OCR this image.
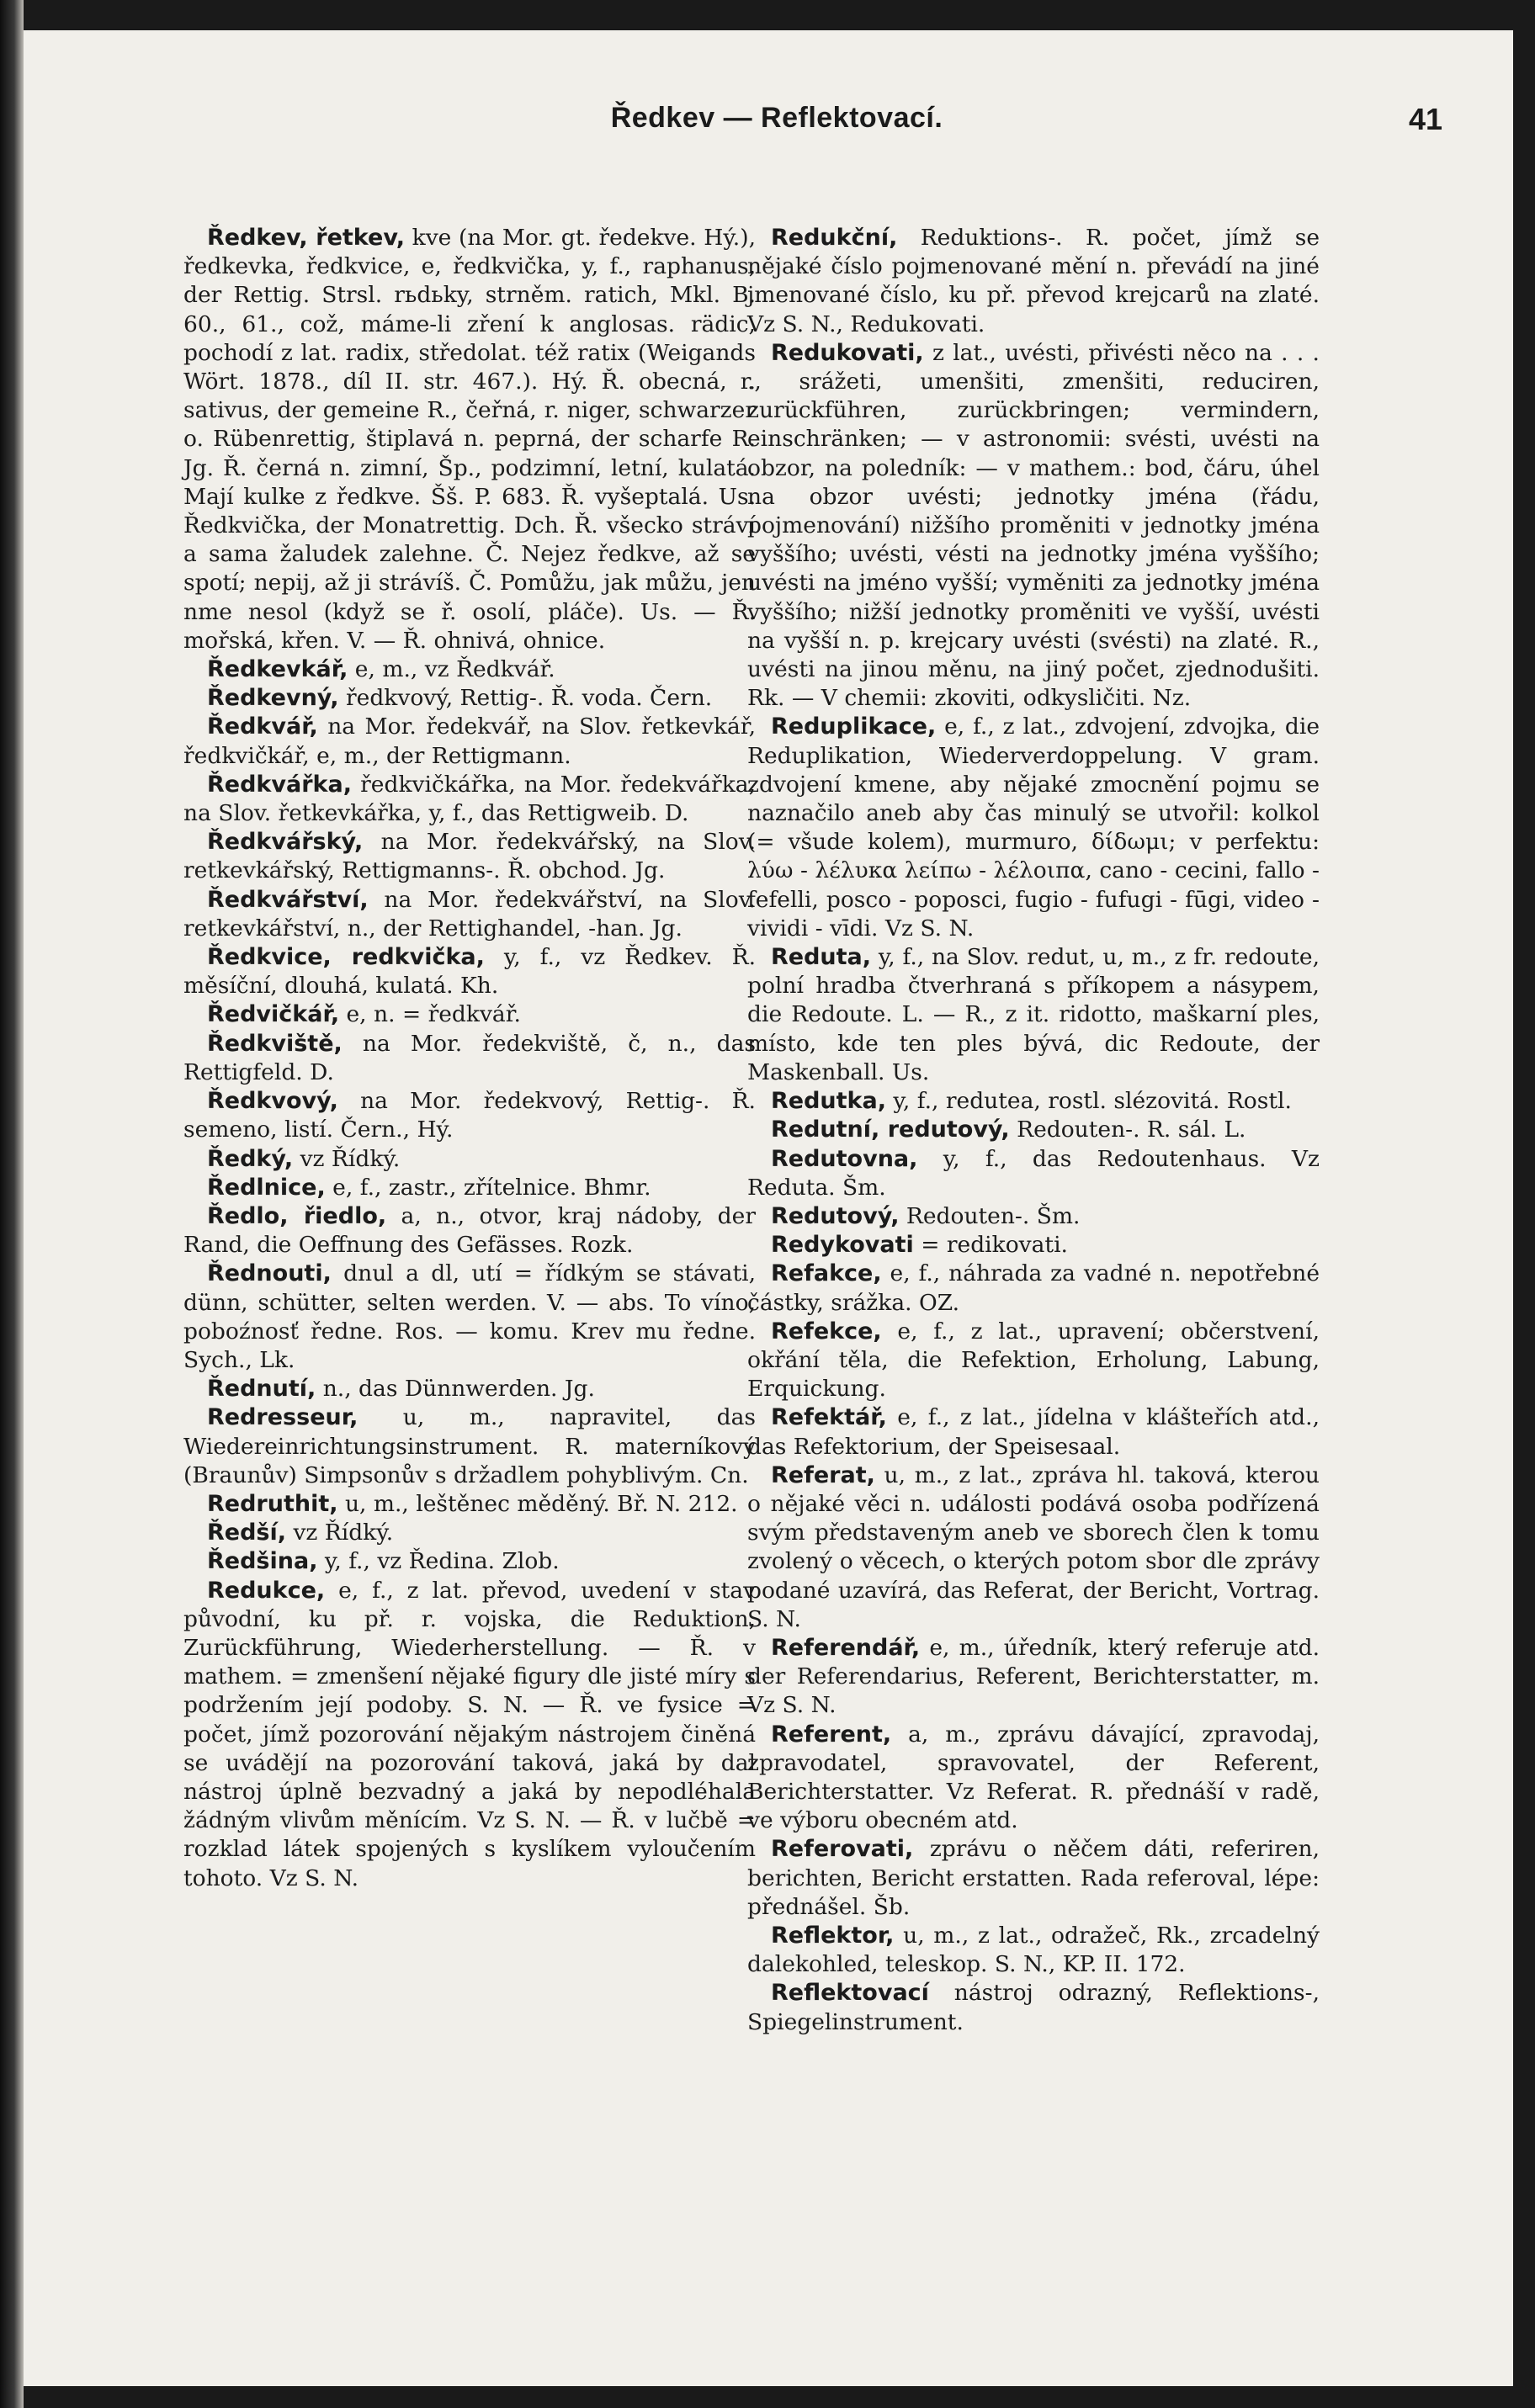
Ředkev — Reflektovací.	41

Ředkev, řetkev, kve (na Mor. gt. ředekve. Hý.), ředkevka, ředkvice, e, ředkvička, y, f., raphanus, der Rettig. Strsl. rьdьky, strněm. ratich, Mkl. B. 60., 61., což, máme-li zření k anglosas. rädic, pochodí z lat. radix, středolat. též ratix (Weigands Wört. 1878., díl II. str. 467.). Hý. Ř. obecná, r. sativus, der gemeine R., čeřná, r. niger, schwarzer o. Rübenrettig, štiplavá n. peprná, der scharfe R. Jg. Ř. černá n. zimní, Šp., podzimní, letní, kulatá. Mají kulke z ředkve. Šš. P. 683. Ř. vyšeptalá. Us. Ředkvička, der Monatrettig. Dch. Ř. všecko stráví a sama žaludek zalehne. Č. Nejez ředkve, až se spotí; nepij, až ji strávíš. Č. Pomůžu, jak můžu, jen nme nesol (když se ř. osolí, pláče). Us. — Ř. mořská, křen. V. — Ř. ohnivá, ohnice.

Ředkevkář, e, m., vz Ředkvář.

Ředkevný, ředkvový, Rettig-. Ř. voda. Čern.

Ředkvář, na Mor. ředekvář, na Slov. řetkevkář, ředkvičkář, e, m., der Rettigmann.

Ředkvářka, ředkvičkářka, na Mor. ředekvářka, na Slov. řetkevkářka, y, f., das Rettigweib. D.

Ředkvářský, na Mor. ředekvářský, na Slov. retkevkářský, Rettigmanns-. Ř. obchod. Jg.

Ředkvářství, na Mor. ředekvářství, na Slov. retkevkářství, n., der Rettighandel, -han. Jg.

Ředkvice, redkvička, y, f., vz Ředkev. Ř. měsíční, dlouhá, kulatá. Kh.

Ředvičkář, e, n. = ředkvář.

Ředkviště, na Mor. ředekviště, č, n., das Rettigfeld. D.

Ředkvový, na Mor. ředekvový, Rettig-. Ř. semeno, listí. Čern., Hý.

Ředký, vz Řídký.

Ředlnice, e, f., zastr., zřítelnice. Bhmr.

Ředlo, řiedlo, a, n., otvor, kraj nádoby, der Rand, die Oeffnung des Gefässes. Rozk.

Řednouti, dnul a dl, utí = řídkým se stávati, dünn, schütter, selten werden. V. — abs. To víno, poboźnosť ředne. Ros. — komu. Krev mu ředne. Sych., Lk.

Řednutí, n., das Dünnwerden. Jg.

Redresseur, u, m., napravitel, das Wiedereinrichtungsinstrument. R. materníkový (Braunův) Simpsonův s držadlem pohyblivým. Cn.

Redruthit, u, m., leštěnec měděný. Bř. N. 212.

Ředší, vz Řídký.

Ředšina, y, f., vz Ředina. Zlob.

Redukce, e, f., z lat. převod, uvedení v stav původní, ku př. r. vojska, die Reduktion, Zurückführung, Wiederherstellung. — Ř. v mathem. = zmenšení nějaké figury dle jisté míry s podržením její podoby. S. N. — Ř. ve fysice = počet, jímž pozorování nějakým nástrojem činěná se uvádějí na pozorování taková, jaká by dal nástroj úplně bezvadný a jaká by nepodléhala žádným vlivům měnícím. Vz S. N. — Ř. v lučbě = rozklad látek spojených s kyslíkem vyloučením tohoto. Vz S. N.

Redukční, Reduktions-. R. počet, jímž se nějaké číslo pojmenované mění n. převádí na jiné jmenované číslo, ku př. převod krejcarů na zlaté. Vz S. N., Redukovati.

Redukovati, z lat., uvésti, přivésti něco na . . . ., srážeti, umenšiti, zmenšiti, reduciren, zurückführen, zurückbringen; vermindern, einschränken; — v astronomii: svésti, uvésti na obzor, na poledník: — v mathem.: bod, čáru, úhel na obzor uvésti; jednotky jména (řádu, pojmenování) nižšího proměniti v jednotky jména vyššího; uvésti, vésti na jednotky jména vyššího; uvésti na jméno vyšší; vyměniti za jednotky jména vyššího; nižší jednotky proměniti ve vyšší, uvésti na vyšší n. p. krejcary uvésti (svésti) na zlaté. R., uvésti na jinou měnu, na jiný počet, zjednodušiti. Rk. — V chemii: zkoviti, odkysličiti. Nz.

Reduplikace, e, f., z lat., zdvojení, zdvojka, die Reduplikation, Wiederverdoppelung. V gram. zdvojení kmene, aby nějaké zmocnění pojmu se naznačilo aneb aby čas minulý se utvořil: kolkol (= všude kolem), murmuro, δίδωμι; v perfektu: λύω - λέλυκα λείπω - λέλοιπα, cano - cecini, fallo - fefelli, posco - poposci, fugio - fufugi - fūgi, video - vividi - vīdi. Vz S. N.

Reduta, y, f., na Slov. redut, u, m., z fr. redoute, polní hradba čtverhraná s příkopem a násypem, die Redoute. L. — R., z it. ridotto, maškarní ples, místo, kde ten ples bývá, dic Redoute, der Maskenball. Us.

Redutka, y, f., redutea, rostl. slézovitá. Rostl.

Redutní, redutový, Redouten-. R. sál. L.

Redutovna, y, f., das Redoutenhaus. Vz Reduta. Šm.

Redutový, Redouten-. Šm.

Redykovati = redikovati.

Refakce, e, f., náhrada za vadné n. nepotřebné částky, srážka. OZ.

Refekce, e, f., z lat., upravení; občerstvení, okřání těla, die Refektion, Erholung, Labung, Erquickung.

Refektář, e, f., z lat., jídelna v klášteřích atd., das Refektorium, der Speisesaal.

Referat, u, m., z lat., zpráva hl. taková, kterou o nějaké věci n. události podává osoba podřízená svým představeným aneb ve sborech člen k tomu zvolený o věcech, o kterých potom sbor dle zprávy podané uzavírá, das Referat, der Bericht, Vortrag. S. N.

Referendář, e, m., úředník, který referuje atd. der Referendarius, Referent, Berichterstatter, m. Vz S. N.

Referent, a, m., zprávu dávající, zpravodaj, zpravodatel, spravovatel, der Referent, Berichterstatter. Vz Referat. R. přednáší v radě, ve výboru obecném atd.

Referovati, zprávu o něčem dáti, referiren, berichten, Bericht erstatten. Rada referoval, lépe: přednášel. Šb.

Reflektor, u, m., z lat., odražeč, Rk., zrcadelný dalekohled, teleskop. S. N., KP. II. 172.

Reflektovací nástroj odrazný, Reflektions-, Spiegelinstrument.
